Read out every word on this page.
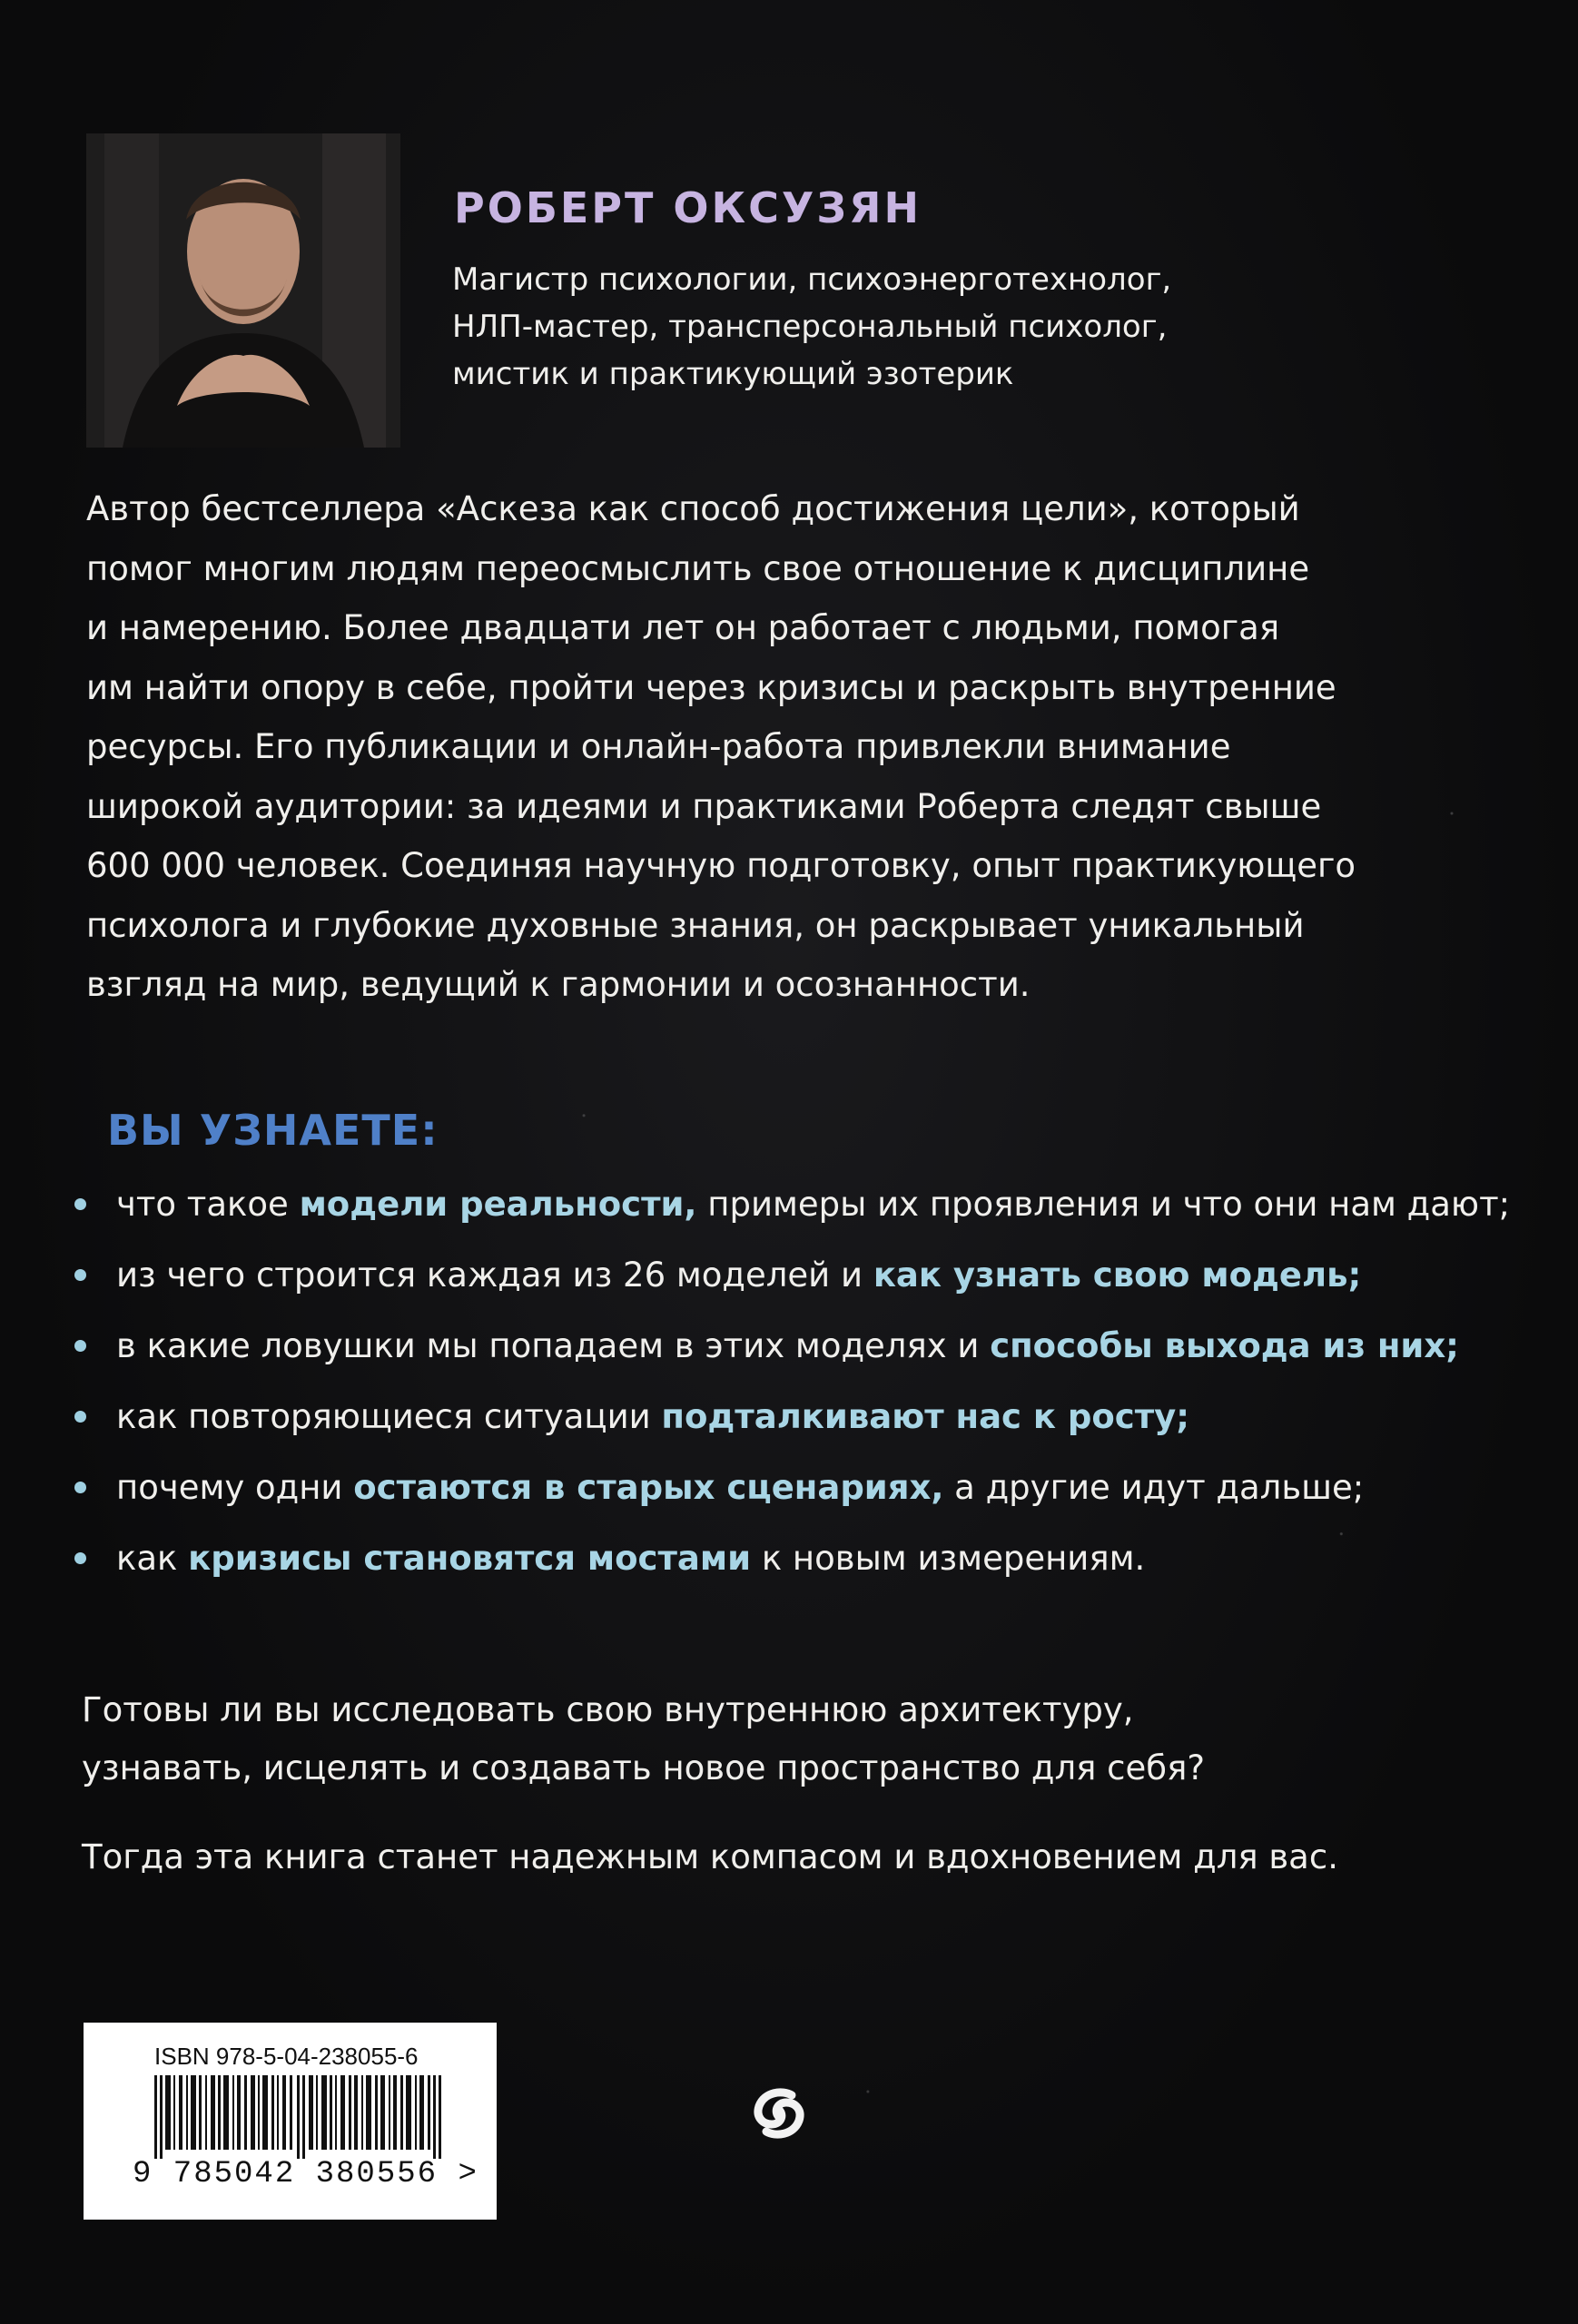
РОБЕРТ ОКСУЗЯН
Магистр психологии, психоэнерготехнолог,
НЛП-мастер, трансперсональный психолог,
мистик и практикующий эзотерик
Автор бестселлера «Аскеза как способ достижения цели», который
помог многим людям переосмыслить свое отношение к дисциплине
и намерению. Более двадцати лет он работает с людьми, помогая
им найти опору в себе, пройти через кризисы и раскрыть внутренние
ресурсы. Его публикации и онлайн-работа привлекли внимание
широкой аудитории: за идеями и практиками Роберта следят свыше
600 000 человек. Соединяя научную подготовку, опыт практикующего
психолога и глубокие духовные знания, он раскрывает уникальный
взгляд на мир, ведущий к гармонии и осознанности.
ВЫ УЗНАЕТЕ:
что такое модели реальности, примеры их проявления и что они нам дают;
из чего строится каждая из 26 моделей и как узнать свою модель;
в какие ловушки мы попадаем в этих моделях и способы выхода из них;
как повторяющиеся ситуации подталкивают нас к росту;
почему одни остаются в старых сценариях, а другие идут дальше;
как кризисы становятся мостами к новым измерениям.
Готовы ли вы исследовать свою внутреннюю архитектуру,
узнавать, исцелять и создавать новое пространство для себя?
Тогда эта книга станет надежным компасом и вдохновением для вас.
ISBN 978-5-04-238055-6
9 785042 380556 >
